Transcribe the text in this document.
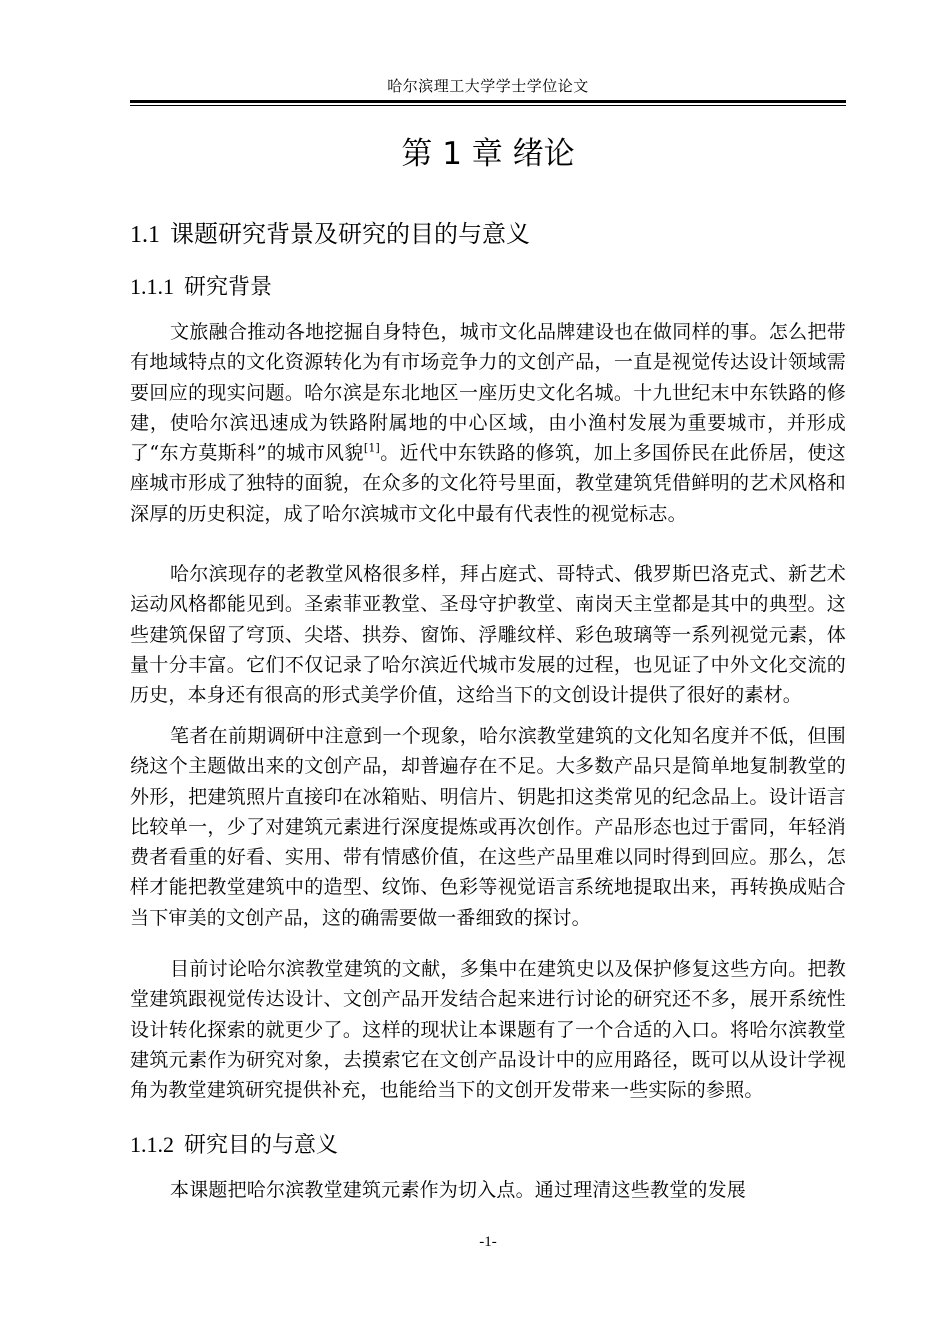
哈尔滨理工大学学士学位论文
第 1 章 绪论
1.1 课题研究背景及研究的目的与意义
1.1.1 研究背景

文旅融合推动各地挖掘自身特色，城市文化品牌建设也在做同样的事。怎么把带有地域特点的文化资源转化为有市场竞争力的文创产品，一直是视觉传达设计领域需要回应的现实问题。哈尔滨是东北地区一座历史文化名城。十九世纪末中东铁路的修建，使哈尔滨迅速成为铁路附属地的中心区域，由小渔村发展为重要城市，并形成了“东方莫斯科”的城市风貌[1]。近代中东铁路的修筑，加上多国侨民在此侨居，使这座城市形成了独特的面貌，在众多的文化符号里面，教堂建筑凭借鲜明的艺术风格和深厚的历史积淀，成了哈尔滨城市文化中最有代表性的视觉标志。

哈尔滨现存的老教堂风格很多样，拜占庭式、哥特式、俄罗斯巴洛克式、新艺术运动风格都能见到。圣索菲亚教堂、圣母守护教堂、南岗天主堂都是其中的典型。这些建筑保留了穹顶、尖塔、拱券、窗饰、浮雕纹样、彩色玻璃等一系列视觉元素，体量十分丰富。它们不仅记录了哈尔滨近代城市发展的过程，也见证了中外文化交流的历史，本身还有很高的形式美学价值，这给当下的文创设计提供了很好的素材。

笔者在前期调研中注意到一个现象，哈尔滨教堂建筑的文化知名度并不低，但围绕这个主题做出来的文创产品，却普遍存在不足。大多数产品只是简单地复制教堂的外形，把建筑照片直接印在冰箱贴、明信片、钥匙扣这类常见的纪念品上。设计语言比较单一，少了对建筑元素进行深度提炼或再次创作。产品形态也过于雷同，年轻消费者看重的好看、实用、带有情感价值，在这些产品里难以同时得到回应。那么，怎样才能把教堂建筑中的造型、纹饰、色彩等视觉语言系统地提取出来，再转换成贴合当下审美的文创产品，这的确需要做一番细致的探讨。

目前讨论哈尔滨教堂建筑的文献，多集中在建筑史以及保护修复这些方向。把教堂建筑跟视觉传达设计、文创产品开发结合起来进行讨论的研究还不多，展开系统性设计转化探索的就更少了。这样的现状让本课题有了一个合适的入口。将哈尔滨教堂建筑元素作为研究对象，去摸索它在文创产品设计中的应用路径，既可以从设计学视角为教堂建筑研究提供补充，也能给当下的文创开发带来一些实际的参照。

1.1.2 研究目的与意义

本课题把哈尔滨教堂建筑元素作为切入点。通过理清这些教堂的发展

-1-
